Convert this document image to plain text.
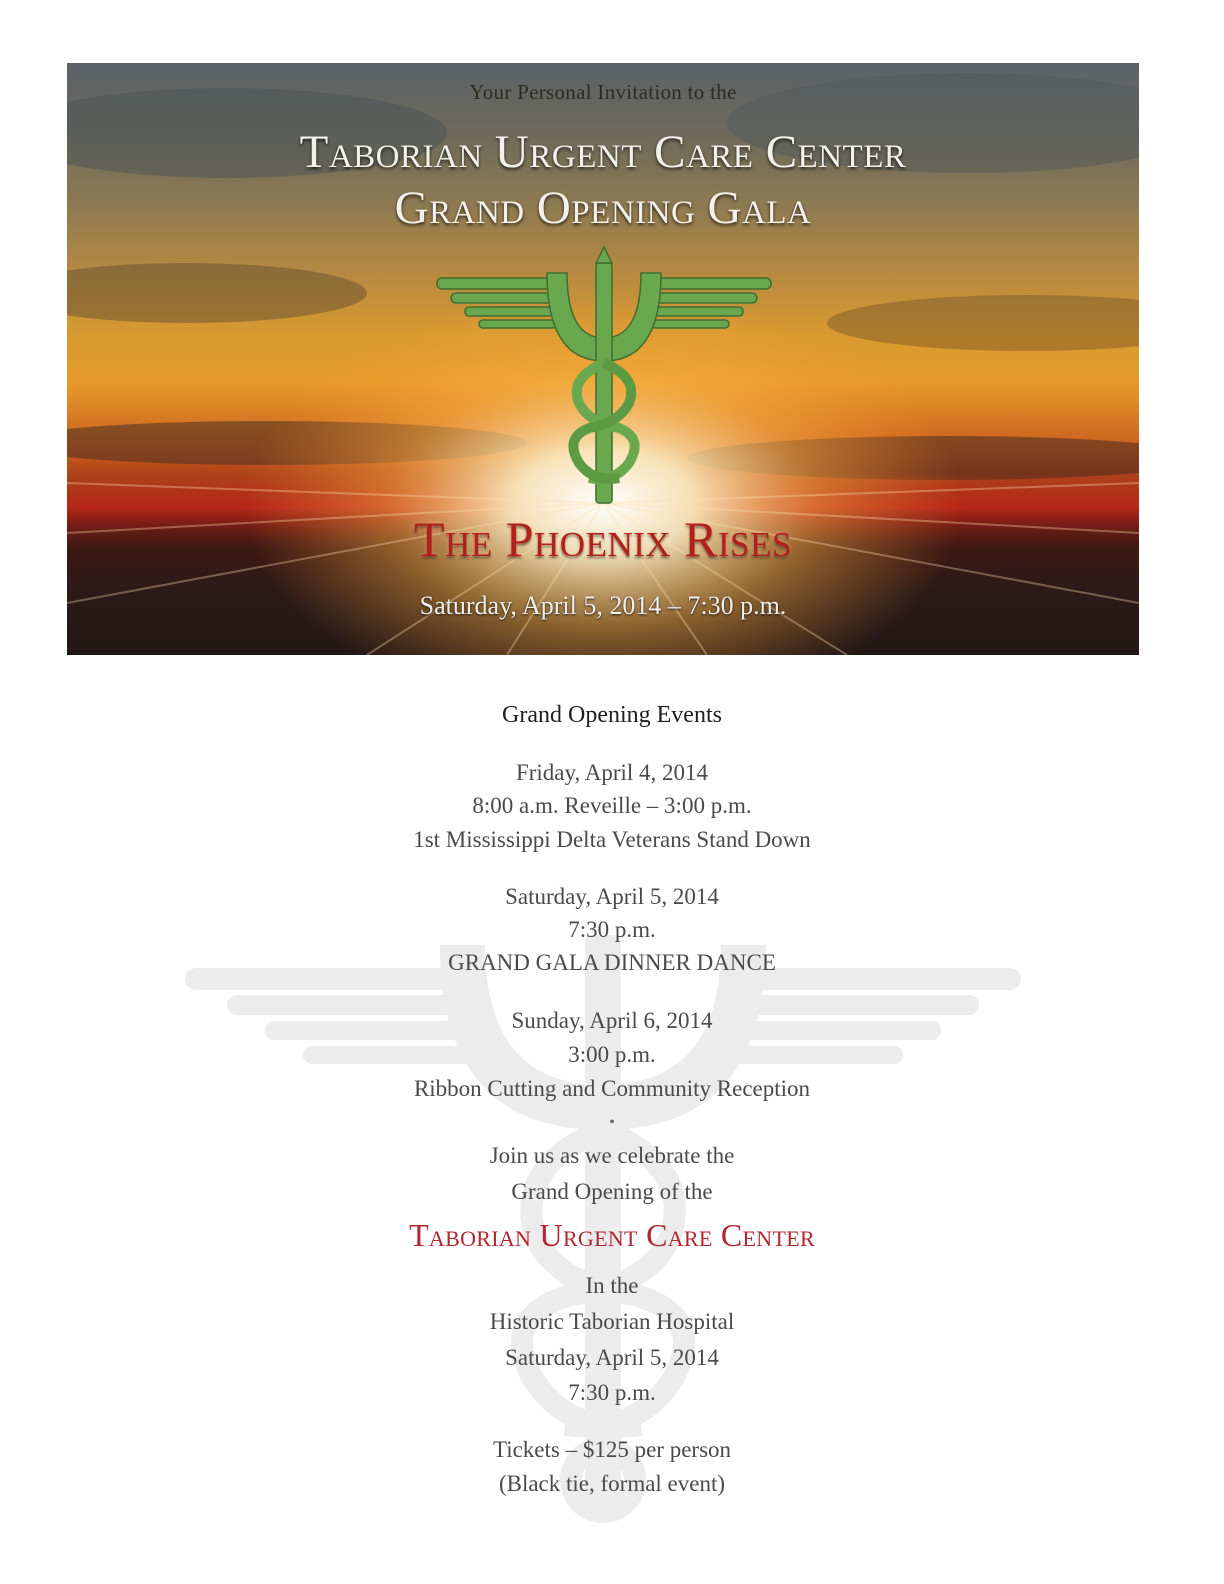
Your Personal Invitation to the
Taborian Urgent Care Center
Grand Opening Gala
The Phoenix Rises
Saturday, April 5, 2014 – 7:30 p.m.
Grand Opening Events
Friday, April 4, 2014
8:00 a.m. Reveille – 3:00 p.m.
1st Mississippi Delta Veterans Stand Down
Saturday, April 5, 2014
7:30 p.m.
GRAND GALA DINNER DANCE
Sunday, April 6, 2014
3:00 p.m.
Ribbon Cutting and Community Reception
•
Join us as we celebrate the
Grand Opening of the
Taborian Urgent Care Center
In the
Historic Taborian Hospital
Saturday, April 5, 2014
7:30 p.m.
Tickets – $125 per person
(Black tie, formal event)
